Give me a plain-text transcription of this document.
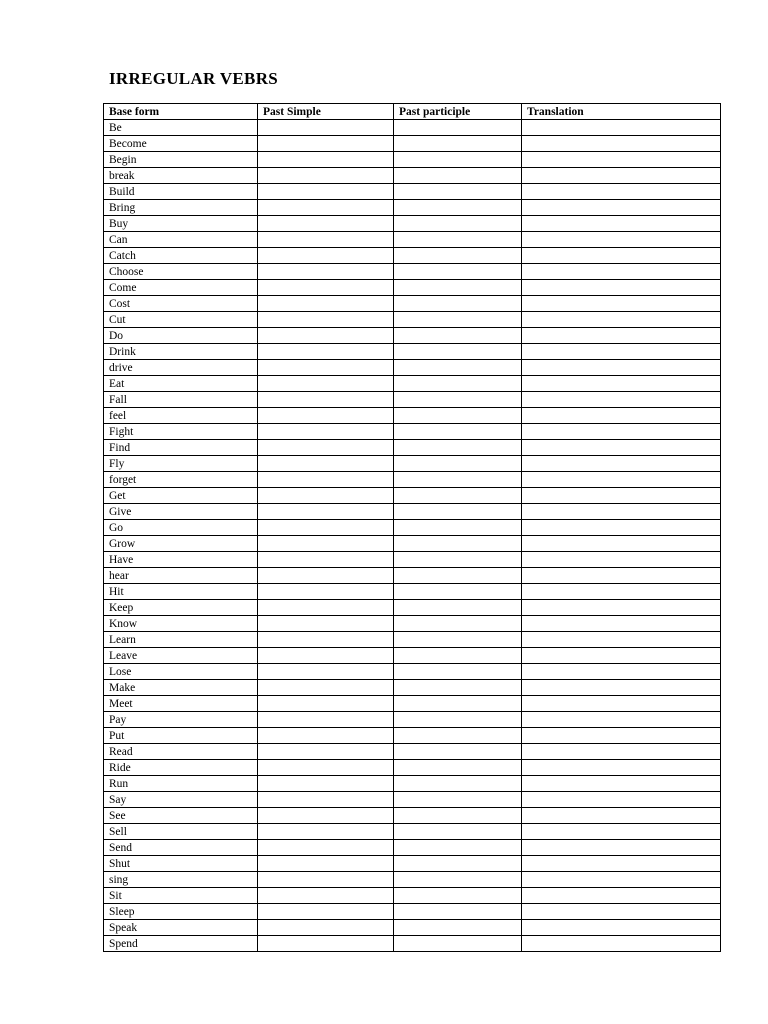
IRREGULAR VEBRS
Base form	Past Simple	Past participle	Translation
Be			
Become			
Begin			
break			
Build			
Bring			
Buy			
Can			
Catch			
Choose			
Come			
Cost			
Cut			
Do			
Drink			
drive			
Eat			
Fall			
feel			
Fight			
Find			
Fly			
forget			
Get			
Give			
Go			
Grow			
Have			
hear			
Hit			
Keep			
Know			
Learn			
Leave			
Lose			
Make			
Meet			
Pay			
Put			
Read			
Ride			
Run			
Say			
See			
Sell			
Send			
Shut			
sing			
Sit			
Sleep			
Speak			
Spend			
